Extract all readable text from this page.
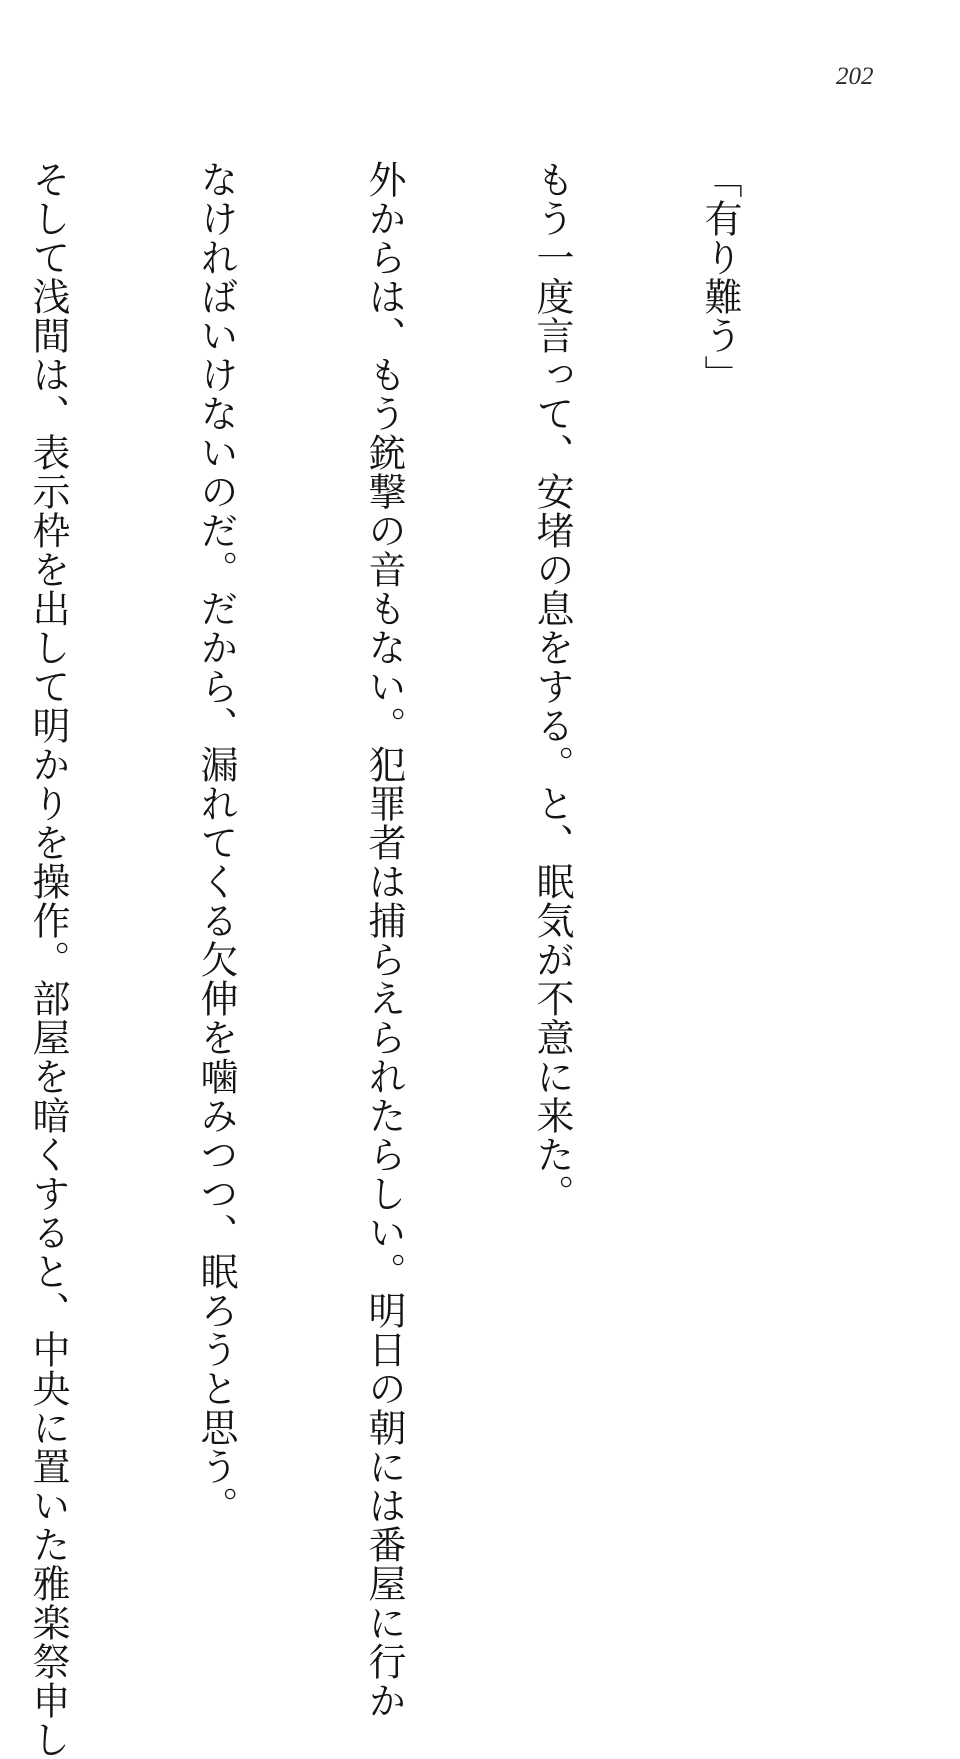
202

「有り難う」

もう一度言って、安堵の息をする。と、眠気が不意に来た。

外からは、もう銃撃の音もない。犯罪者は捕らえられたらしい。明日の朝には番屋に行か

なければいけないのだ。だから、漏れてくる欠伸を噛みつつ、眠ろうと思う。

そして浅間は、表示枠を出して明かりを操作。部屋を暗くすると、中央に置いた雅楽祭申し
